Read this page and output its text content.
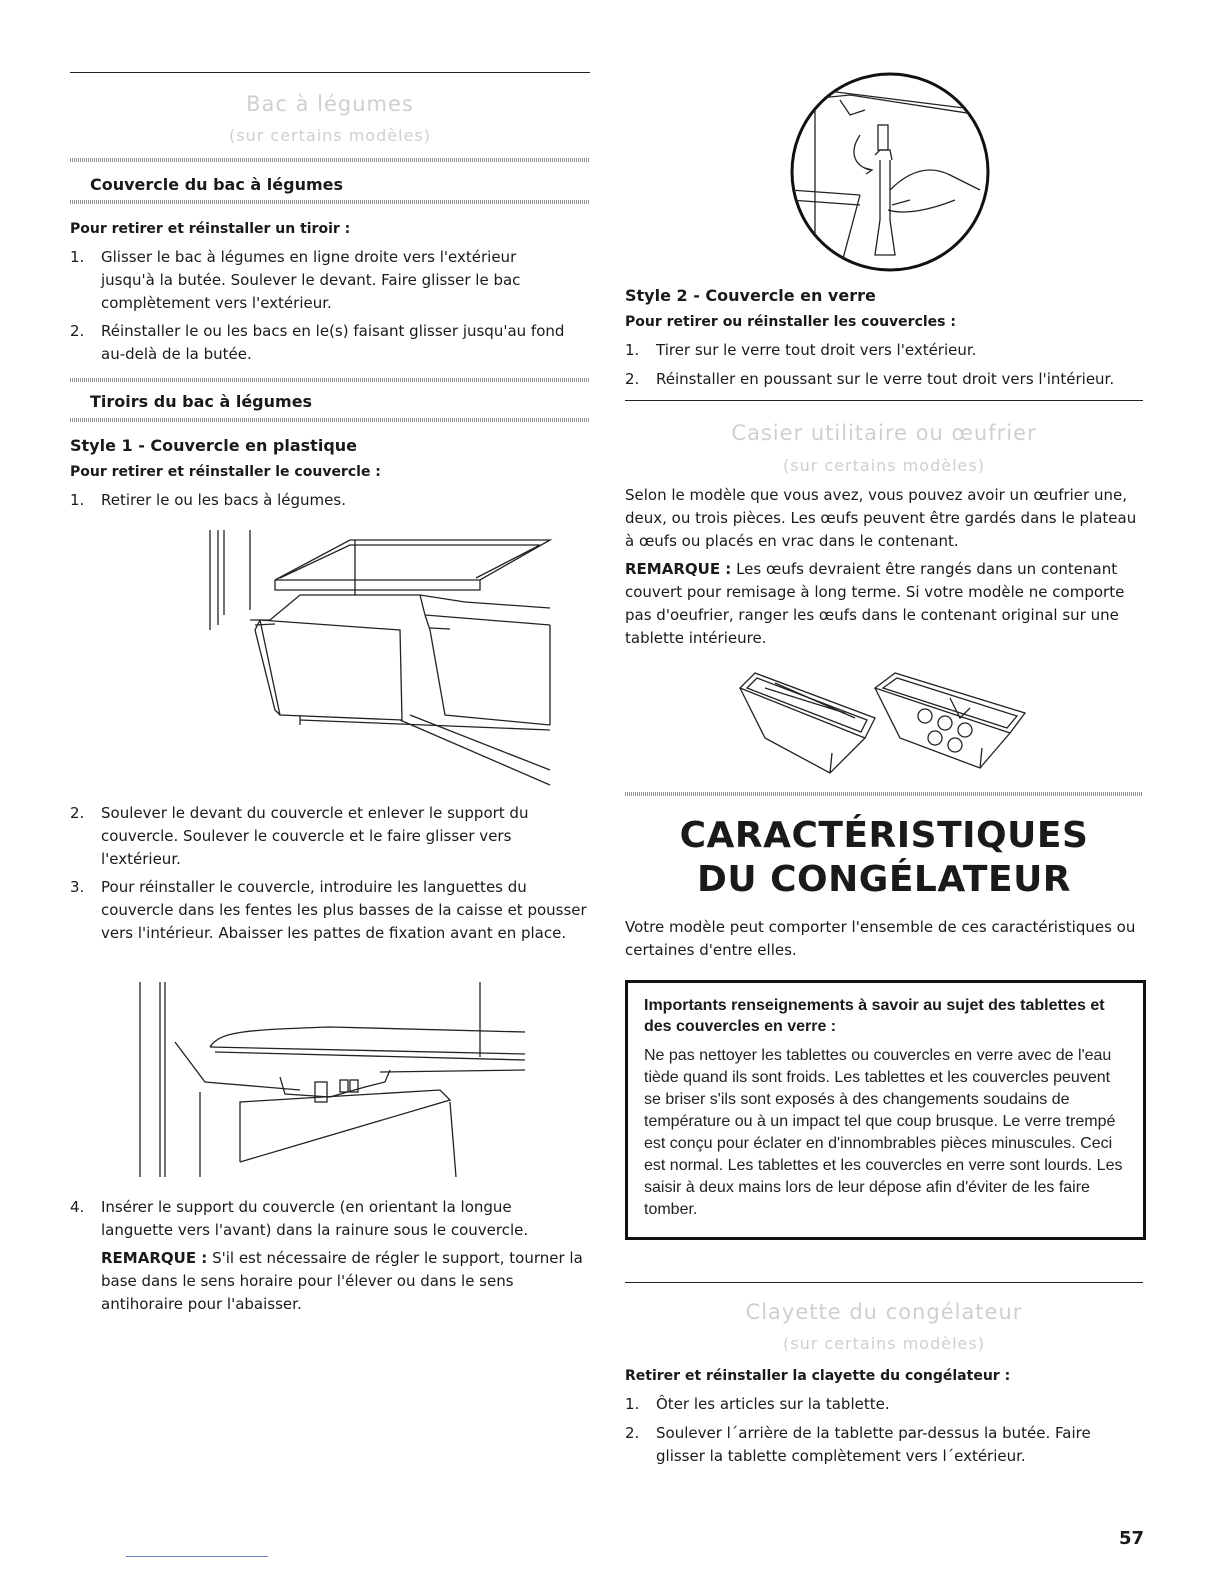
Bac à légumes
(sur certains modèles)
Couvercle du bac à légumes
Pour retirer et réinstaller un tiroir :
1. Glisser le bac à légumes en ligne droite vers l'extérieur jusqu'à la butée. Soulever le devant. Faire glisser le bac complètement vers l'extérieur.
2. Réinstaller le ou les bacs en le(s) faisant glisser jusqu'au fond au-delà de la butée.
Tiroirs du bac à légumes
Style 1 - Couvercle en plastique
Pour retirer et réinstaller le couvercle :
1. Retirer le ou les bacs à légumes.
2. Soulever le devant du couvercle et enlever le support du couvercle. Soulever le couvercle et le faire glisser vers l'extérieur.
3. Pour réinstaller le couvercle, introduire les languettes du couvercle dans les fentes les plus basses de la caisse et pousser vers l'intérieur. Abaisser les pattes de fixation avant en place.
4. Insérer le support du couvercle (en orientant la longue languette vers l'avant) dans la rainure sous le couvercle.
REMARQUE : S'il est nécessaire de régler le support, tourner la base dans le sens horaire pour l'élever ou dans le sens antihoraire pour l'abaisser.
Style 2 - Couvercle en verre
Pour retirer ou réinstaller les couvercles :
1. Tirer sur le verre tout droit vers l'extérieur.
2. Réinstaller en poussant sur le verre tout droit vers l'intérieur.
Casier utilitaire ou œufrier
(sur certains modèles)
Selon le modèle que vous avez, vous pouvez avoir un œufrier une, deux, ou trois pièces. Les œufs peuvent être gardés dans le plateau à œufs ou placés en vrac dans le contenant.
REMARQUE : Les œufs devraient être rangés dans un contenant couvert pour remisage à long terme. Si votre modèle ne comporte pas d'oeufrier, ranger les œufs dans le contenant original sur une tablette intérieure.
CARACTÉRISTIQUES
DU CONGÉLATEUR
Votre modèle peut comporter l'ensemble de ces caractéristiques ou certaines d'entre elles.
Importants renseignements à savoir au sujet des tablettes et des couvercles en verre :
Ne pas nettoyer les tablettes ou couvercles en verre avec de l'eau tiède quand ils sont froids. Les tablettes et les couvercles peuvent se briser s'ils sont exposés à des changements soudains de température ou à un impact tel que coup brusque. Le verre trempé est conçu pour éclater en d'innombrables pièces minuscules. Ceci est normal. Les tablettes et les couvercles en verre sont lourds. Les saisir à deux mains lors de leur dépose afin d'éviter de les faire tomber.
Clayette du congélateur
(sur certains modèles)
Retirer et réinstaller la clayette du congélateur :
1. Ôter les articles sur la tablette.
2. Soulever l´arrière de la tablette par-dessus la butée. Faire glisser la tablette complètement vers l´extérieur.
57
